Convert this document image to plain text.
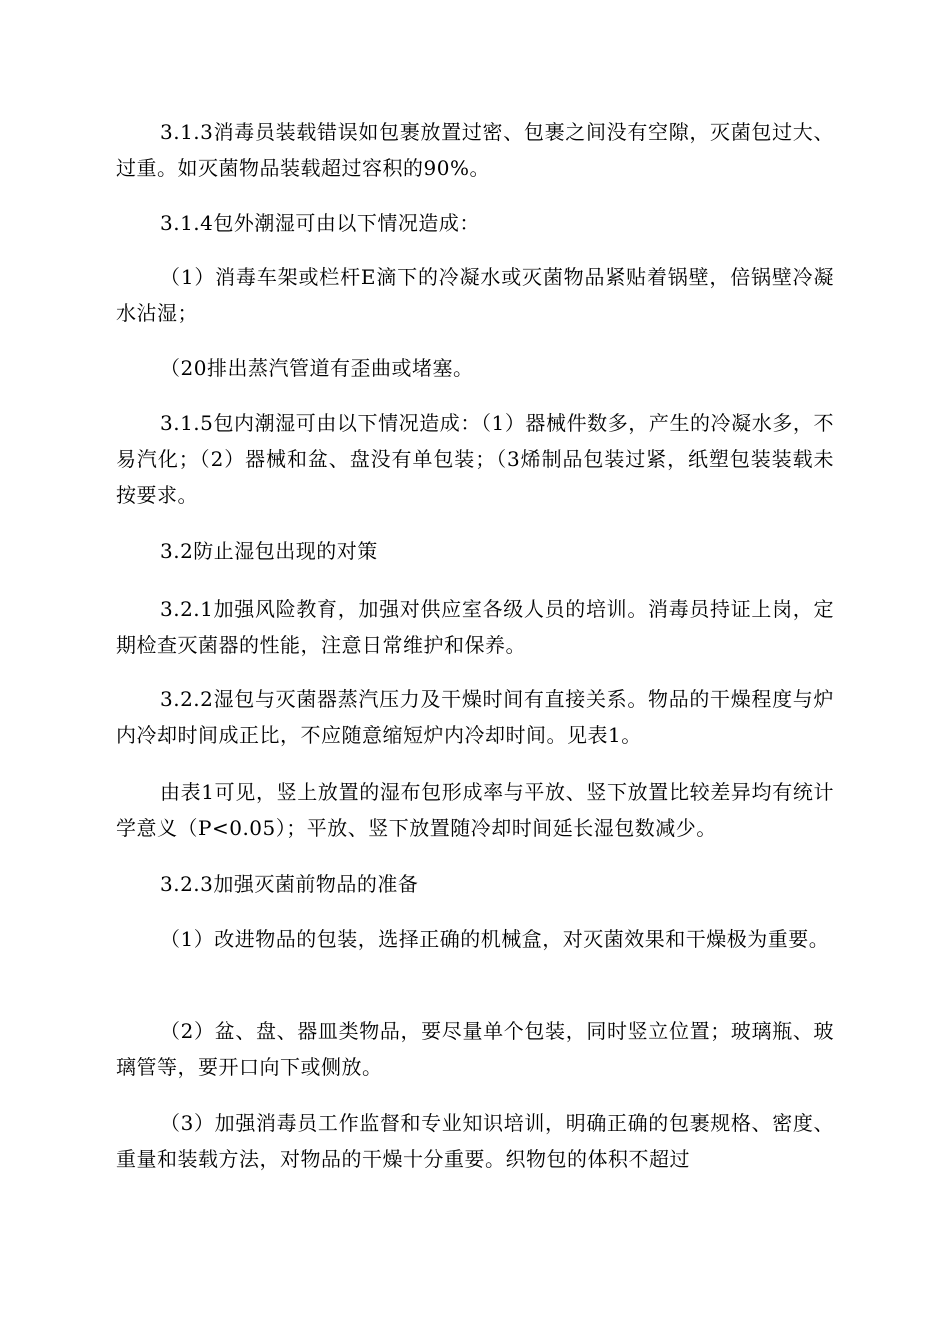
3.1.3消毒员装载错误如包裹放置过密、包裹之间没有空隙，灭菌包过大、过重。如灭菌物品装载超过容积的90%。

3.1.4包外潮湿可由以下情况造成：

（1）消毒车架或栏杆E滴下的冷凝水或灭菌物品紧贴着锅壁，倍锅壁冷凝水沾湿；

（20排出蒸汽管道有歪曲或堵塞。

3.1.5包内潮湿可由以下情况造成：（1）器械件数多，产生的冷凝水多，不易汽化；（2）器械和盆、盘没有单包装；（3烯制品包装过紧，纸塑包装装载未按要求。

3.2防止湿包出现的对策

3.2.1加强风险教育，加强对供应室各级人员的培训。消毒员持证上岗，定期检查灭菌器的性能，注意日常维护和保养。

3.2.2湿包与灭菌器蒸汽压力及干燥时间有直接关系。物品的干燥程度与炉内冷却时间成正比，不应随意缩短炉内冷却时间。见表1。

由表1可见，竖上放置的湿布包形成率与平放、竖下放置比较差异均有统计学意义（P<0.05）；平放、竖下放置随冷却时间延长湿包数减少。

3.2.3加强灭菌前物品的准备

（1）改进物品的包装，选择正确的机械盒，对灭菌效果和干燥极为重要。

（2）盆、盘、器皿类物品，要尽量单个包装，同时竖立位置；玻璃瓶、玻璃管等，要开口向下或侧放。

（3）加强消毒员工作监督和专业知识培训，明确正确的包裹规格、密度、重量和装载方法，对物品的干燥十分重要。织物包的体积不超过
